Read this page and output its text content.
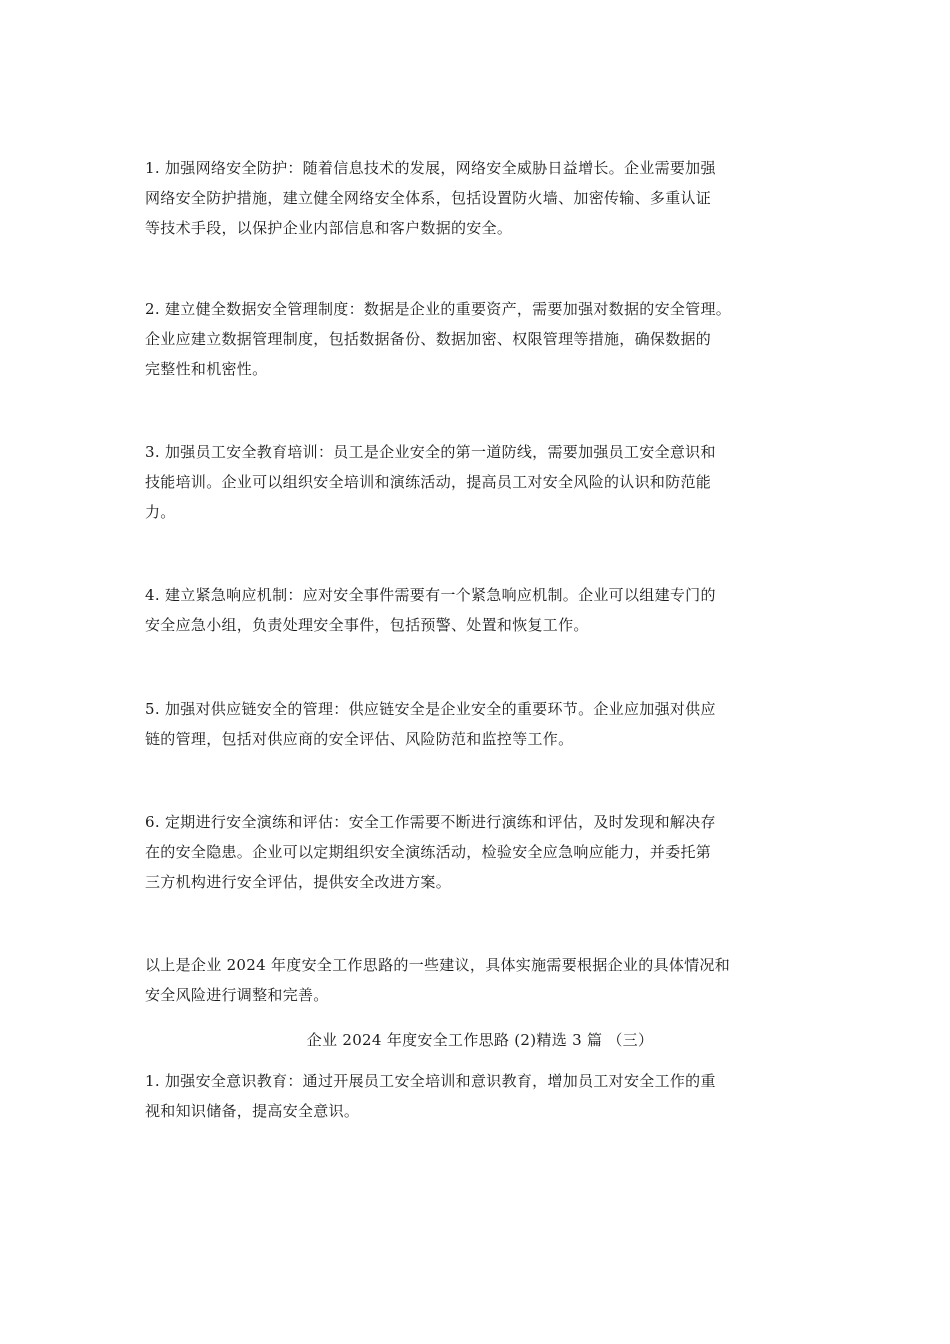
1. 加强网络安全防护：随着信息技术的发展，网络安全威胁日益增长。企业需要加强
网络安全防护措施，建立健全网络安全体系，包括设置防火墙、加密传输、多重认证
等技术手段，以保护企业内部信息和客户数据的安全。
2. 建立健全数据安全管理制度：数据是企业的重要资产，需要加强对数据的安全管理。
企业应建立数据管理制度，包括数据备份、数据加密、权限管理等措施，确保数据的
完整性和机密性。
3. 加强员工安全教育培训：员工是企业安全的第一道防线，需要加强员工安全意识和
技能培训。企业可以组织安全培训和演练活动，提高员工对安全风险的认识和防范能
力。
4. 建立紧急响应机制：应对安全事件需要有一个紧急响应机制。企业可以组建专门的
安全应急小组，负责处理安全事件，包括预警、处置和恢复工作。
5. 加强对供应链安全的管理：供应链安全是企业安全的重要环节。企业应加强对供应
链的管理，包括对供应商的安全评估、风险防范和监控等工作。
6. 定期进行安全演练和评估：安全工作需要不断进行演练和评估，及时发现和解决存
在的安全隐患。企业可以定期组织安全演练活动，检验安全应急响应能力，并委托第
三方机构进行安全评估，提供安全改进方案。
以上是企业 2024 年度安全工作思路的一些建议，具体实施需要根据企业的具体情况和
安全风险进行调整和完善。
企业 2024 年度安全工作思路 (2)精选 3 篇 （三）
1. 加强安全意识教育：通过开展员工安全培训和意识教育，增加员工对安全工作的重
视和知识储备，提高安全意识。
